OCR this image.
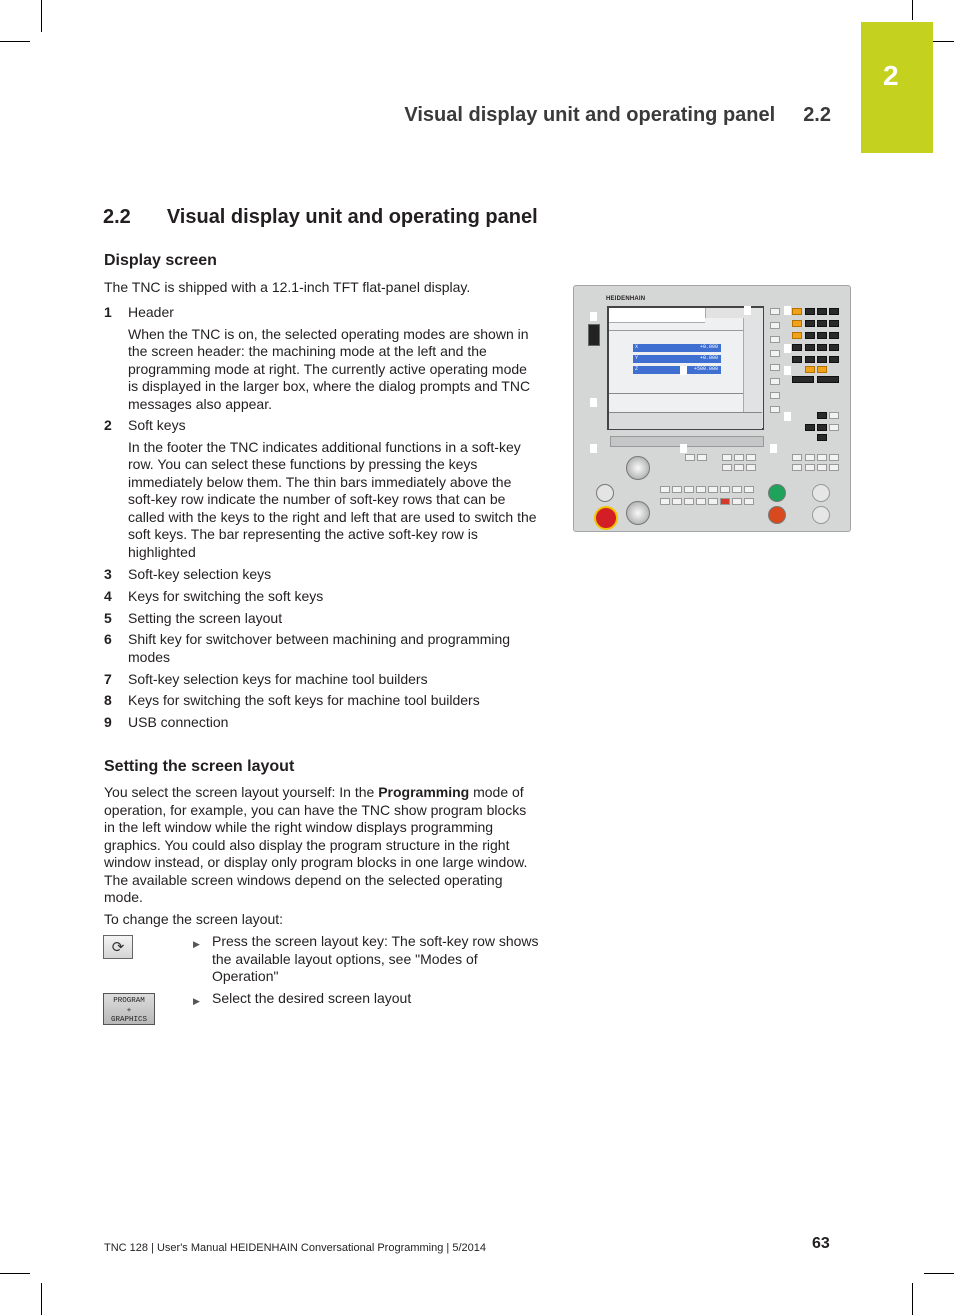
2
Visual display unit and operating panel 2.2
2.2 Visual display unit and operating panel
Display screen
The TNC is shipped with a 12.1-inch TFT flat-panel display.
1 Header
When the TNC is on, the selected operating modes are shown in the screen header: the machining mode at the left and the programming mode at right. The currently active operating mode is displayed in the larger box, where the dialog prompts and TNC messages also appear.
2 Soft keys
In the footer the TNC indicates additional functions in a soft-key row. You can select these functions by pressing the keys immediately below them. The thin bars immediately above the soft-key row indicate the number of soft-key rows that can be called with the keys to the right and left that are used to switch the soft keys. The bar representing the active soft-key row is highlighted
3 Soft-key selection keys
4 Keys for switching the soft keys
5 Setting the screen layout
6 Shift key for switchover between machining and programming modes
7 Soft-key selection keys for machine tool builders
8 Keys for switching the soft keys for machine tool builders
9 USB connection
Setting the screen layout
You select the screen layout yourself: In the Programming mode of operation, for example, you can have the TNC show program blocks in the left window while the right window displays programming graphics. You could also display the program structure in the right window instead, or display only program blocks in one large window. The available screen windows depend on the selected operating mode.
To change the screen layout:
⟳	▶ Press the screen layout key: The soft-key row shows the available layout options, see "Modes of Operation"
PROGRAM
+
GRAPHICS
▶ Select the desired screen layout
HEIDENHAIN
X	+0.000
Y	+0.000
Z	+500.000
TNC 128 | User's Manual HEIDENHAIN Conversational Programming | 5/2014	63
